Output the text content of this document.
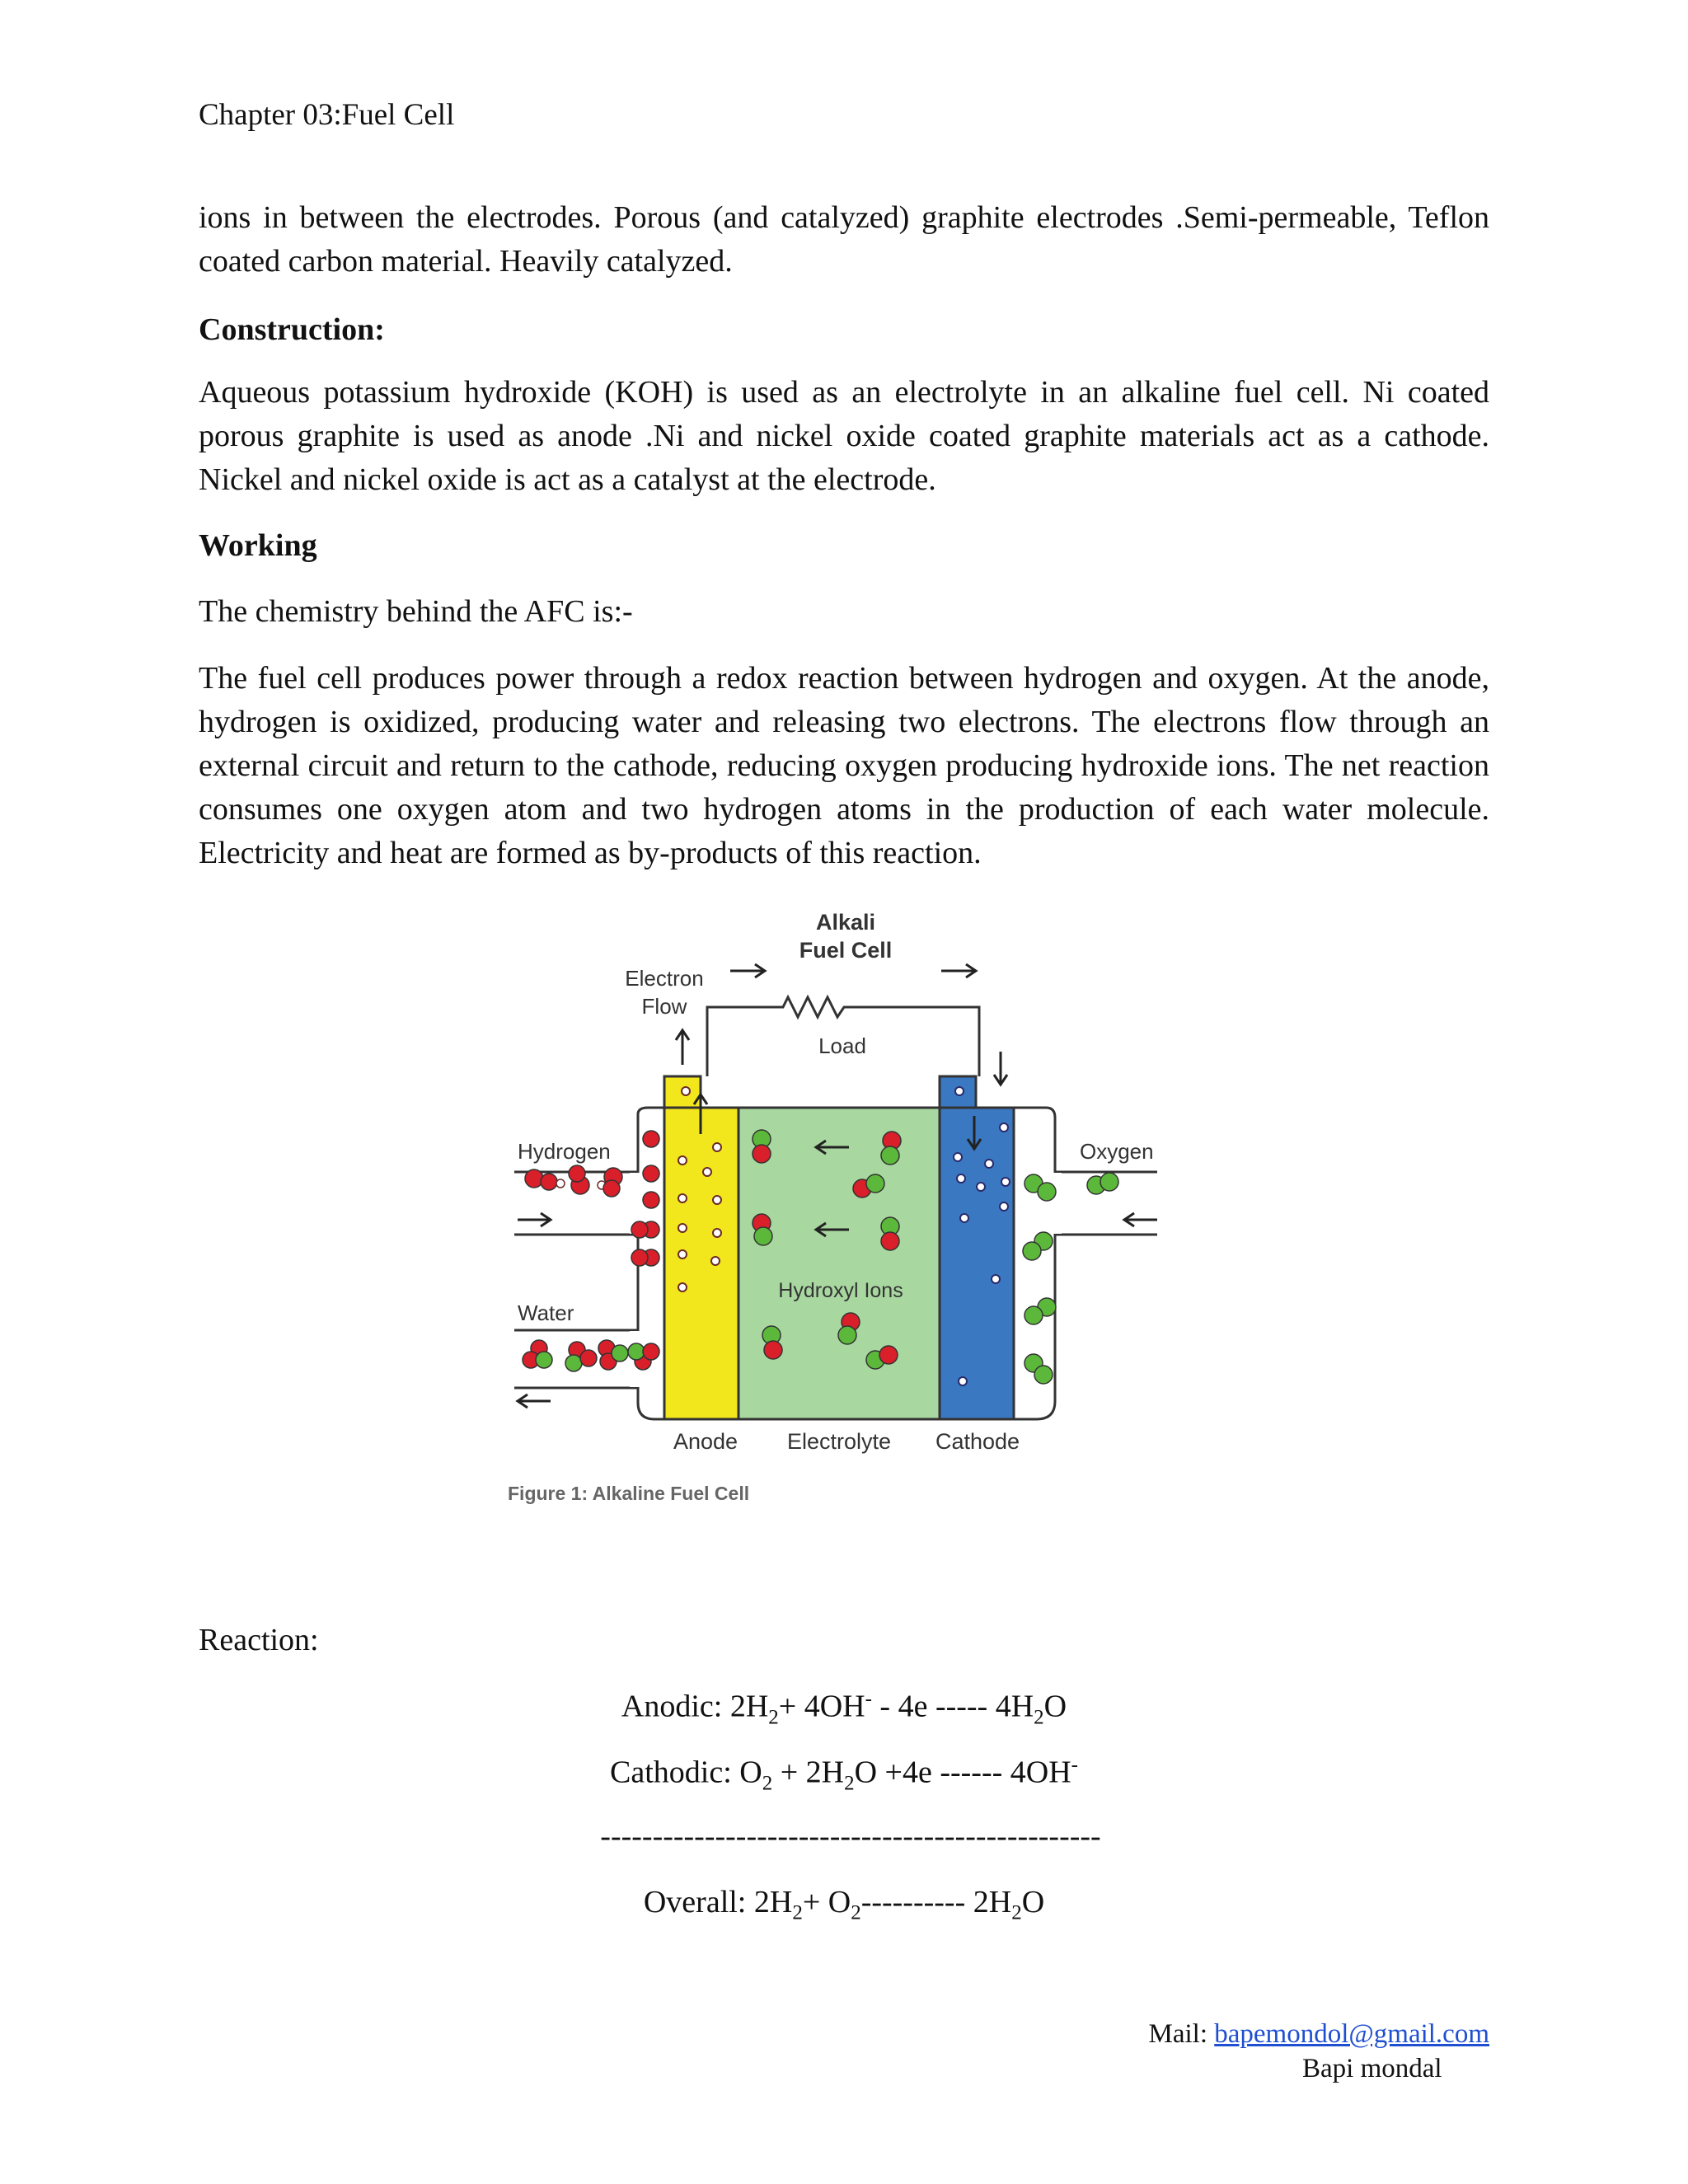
Chapter 03:Fuel Cell

ions in between the electrodes. Porous (and catalyzed) graphite electrodes .Semi-permeable, Teflon coated carbon material. Heavily catalyzed.

Construction:

Aqueous potassium hydroxide (KOH) is used as an electrolyte in an alkaline fuel cell. Ni coated porous graphite is used as anode .Ni and nickel oxide coated graphite materials act as a cathode. Nickel and nickel oxide is act as a catalyst at the electrode.

Working

The chemistry behind the AFC is:-

The fuel cell produces power through a redox reaction between hydrogen and oxygen. At the anode, hydrogen is oxidized, producing water and releasing two electrons. The electrons flow through an external circuit and return to the cathode, reducing oxygen producing hydroxide ions. The net reaction consumes one oxygen atom and two hydrogen atoms in the production of each water molecule. Electricity and heat are formed as by-products of this reaction.

Alkali
Fuel Cell
Electron
Flow
Load
Hydroxyl Ions
Hydrogen
Water
Oxygen
Anode Electrolyte Cathode
Figure 1: Alkaline Fuel Cell

Reaction:

Anodic: $2H_2+ 4OH^- - 4e$ ----- $4H_2O$
Cathodic: $O_2 + 2H_2O +4e$ ------ 4OH-
------------------------------------------------
Overall: $2H_2+ O_2----------$ $2H_2O$
Mail: bapemondol@gmail.com
Bapi mondal
